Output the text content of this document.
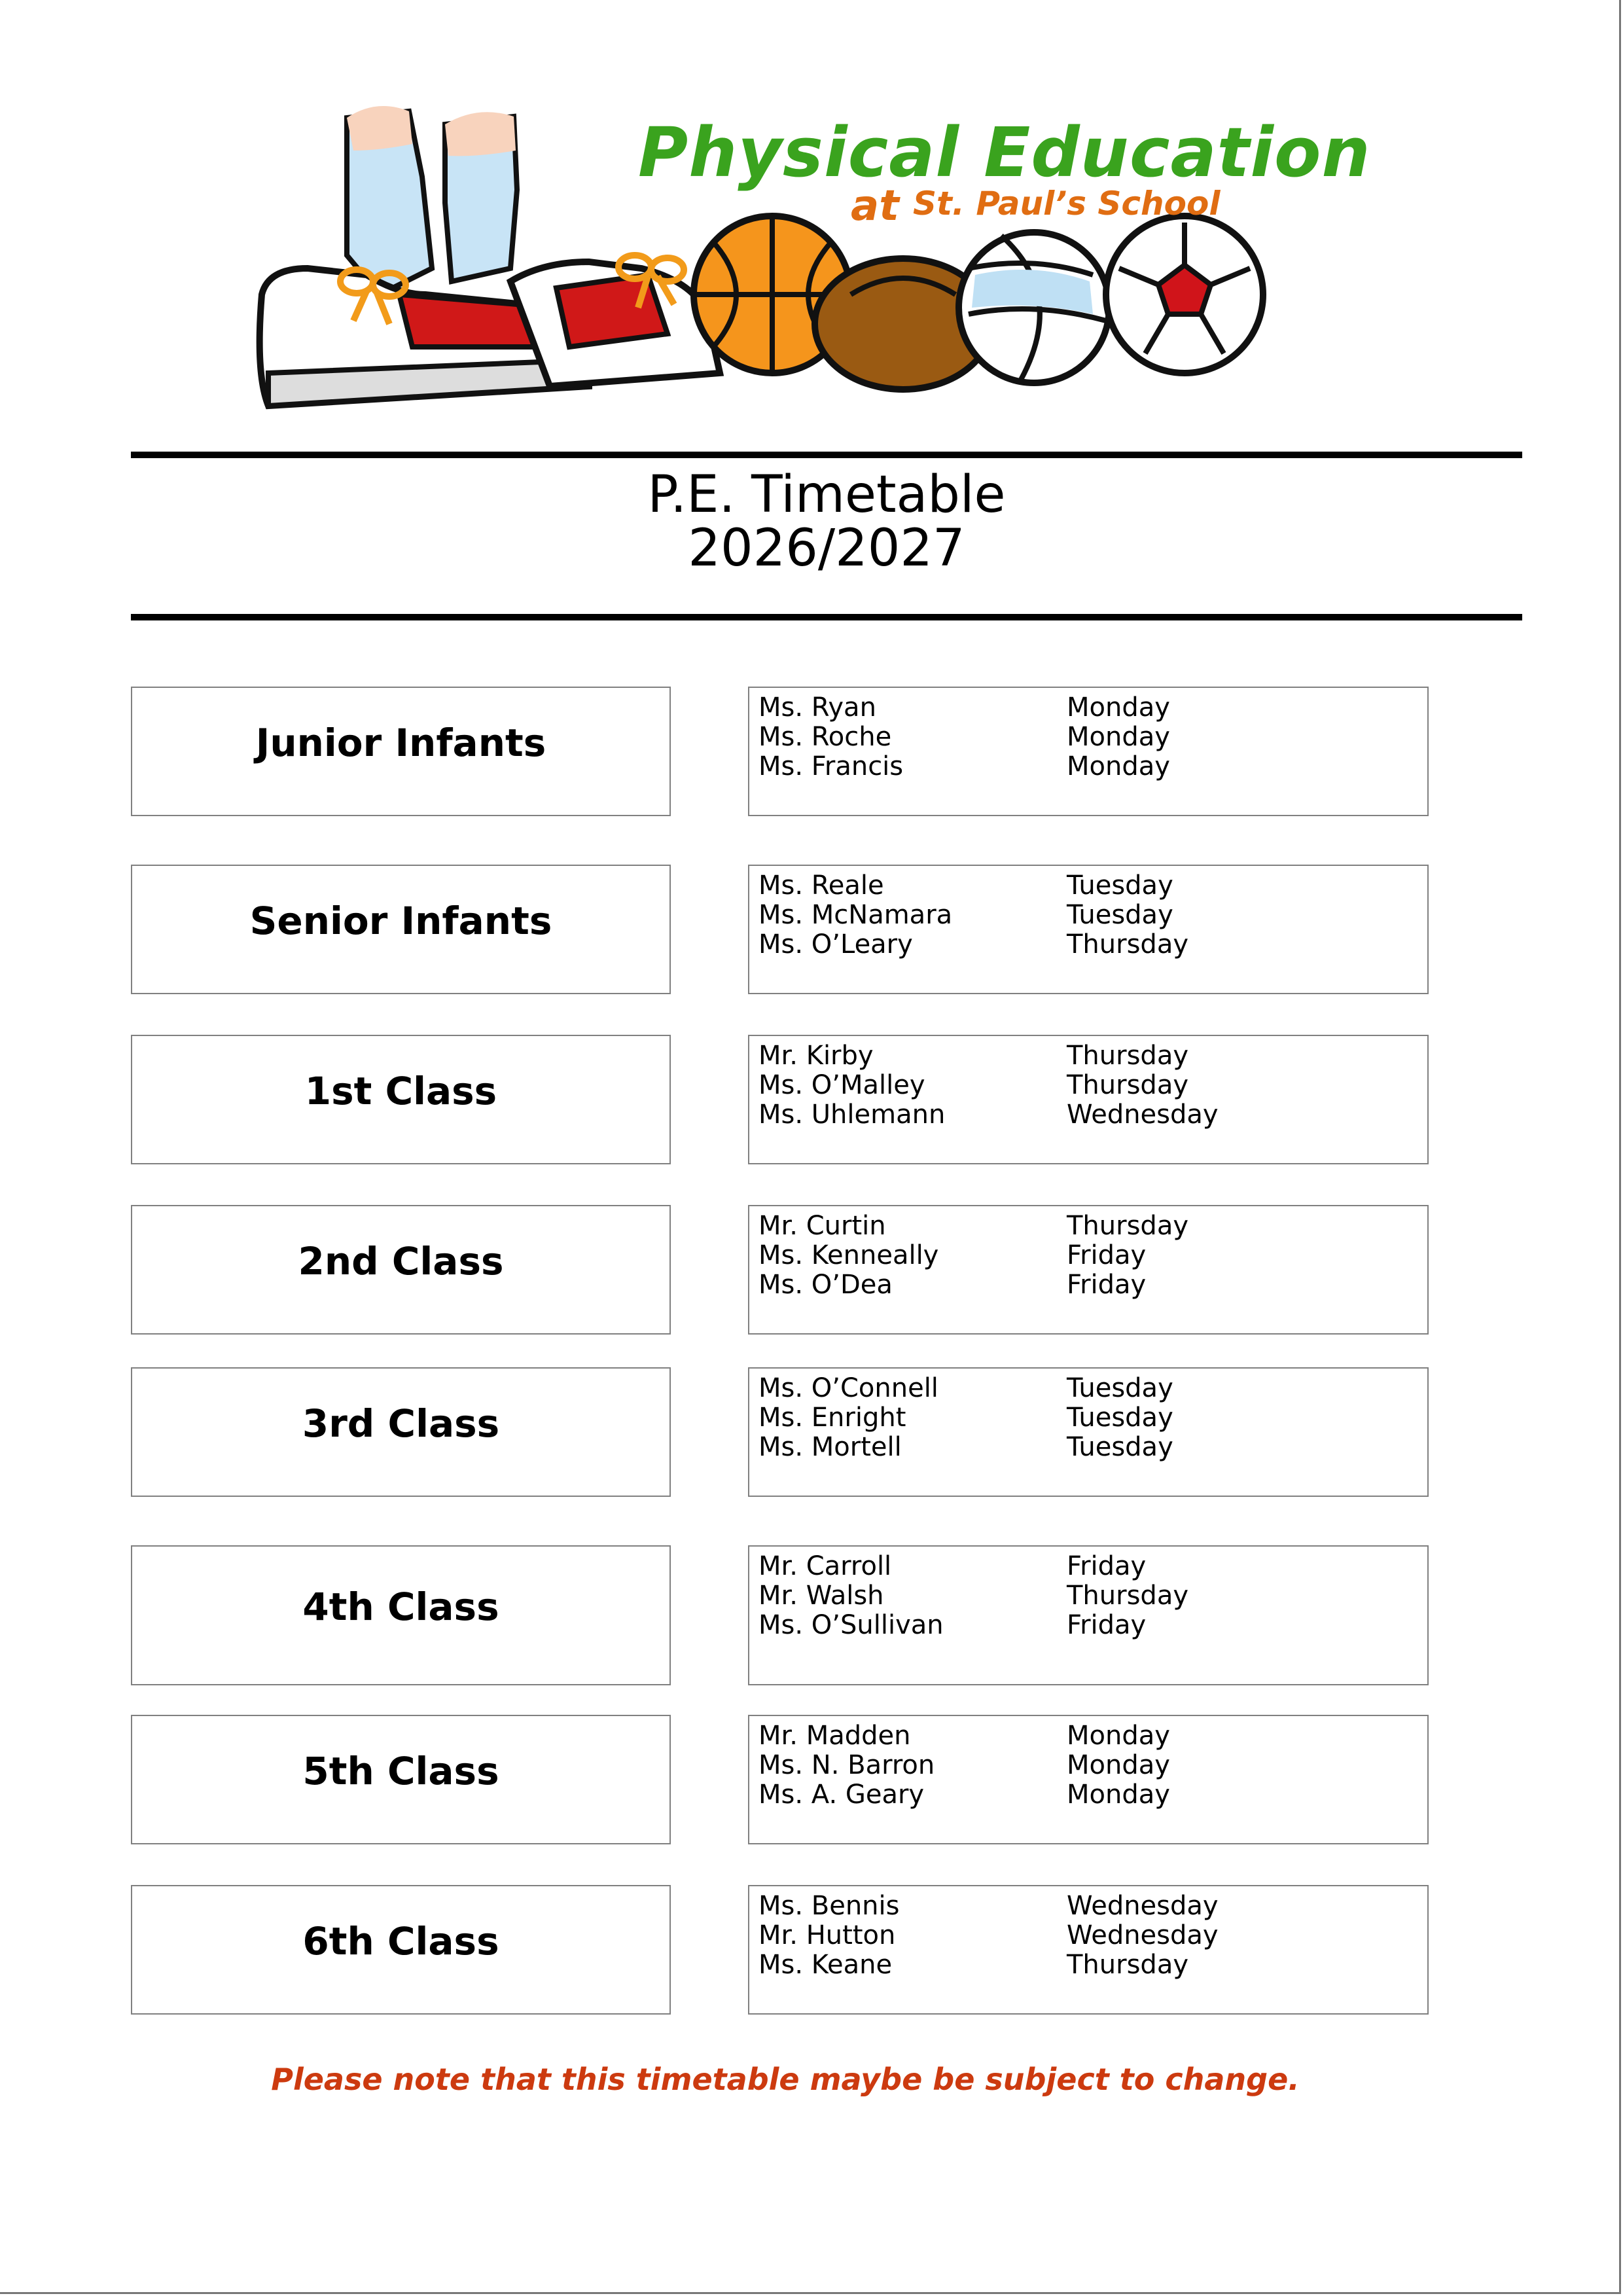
Physical Education
at St. Paul’s School
P.E. Timetable
2026/2027
Junior Infants
Ms. Ryan	Monday
Ms. Roche	Monday
Ms. Francis	Monday
Senior Infants
Ms. Reale	Tuesday
Ms. McNamara	Tuesday
Ms. O’Leary	Thursday
1st Class
Mr. Kirby	Thursday
Ms. O’Malley	Thursday
Ms. Uhlemann	Wednesday
2nd Class
Mr. Curtin	Thursday
Ms. Kenneally	Friday
Ms. O’Dea	Friday
3rd Class
Ms. O’Connell	Tuesday
Ms. Enright	Tuesday
Ms. Mortell	Tuesday
4th Class
Mr. Carroll	Friday
Mr. Walsh	Thursday
Ms. O’Sullivan	Friday
5th Class
Mr. Madden	Monday
Ms. N. Barron	Monday
Ms. A. Geary	Monday
6th Class
Ms. Bennis	Wednesday
Mr. Hutton	Wednesday
Ms. Keane	Thursday
Please note that this timetable maybe be subject to change.
